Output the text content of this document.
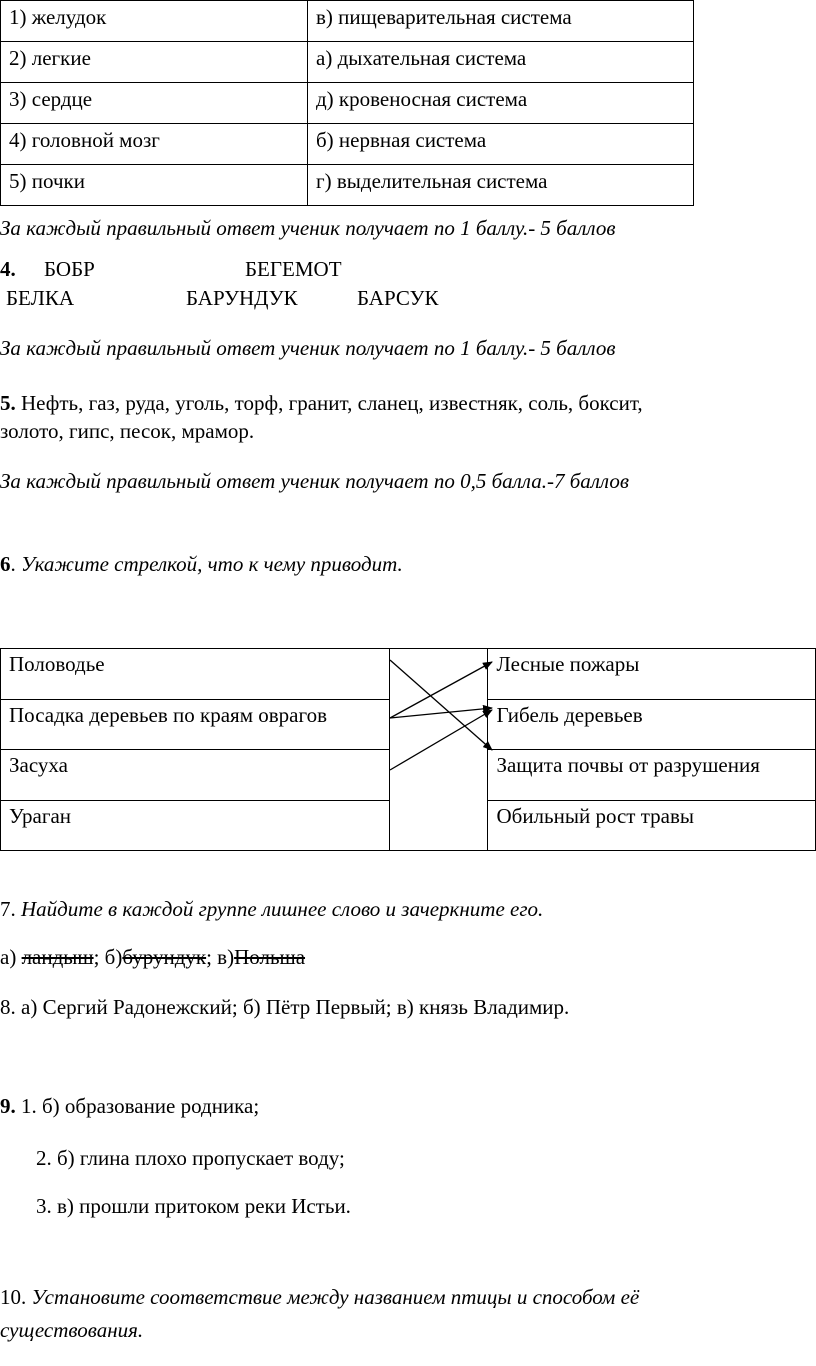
1) желудок	в) пищеварительная система
2) легкие	а) дыхательная система
3) сердце	д) кровеносная система
4) головной мозг	б) нервная система
5) почки	г) выделительная система
За каждый правильный ответ ученик получает по 1 баллу.- 5 баллов
4. БОБР	БЕГЕМОТ
БЕЛКА	БАРУНДУК	БАРСУК
За каждый правильный ответ ученик получает по 1 баллу.- 5 баллов
5. Нефть, газ, руда, уголь, торф, гранит, сланец, известняк, соль, боксит,
золото, гипс, песок, мрамор.
За каждый правильный ответ ученик получает по 0,5 балла.-7 баллов
6. Укажите стрелкой, что к чему приводит.
Половодье		Лесные пожары
Посадка деревьев по краям оврагов		Гибель деревьев
Засуха		Защита почвы от разрушения
Ураган		Обильный рост травы
7. Найдите в каждой группе лишнее слово и зачеркните его.
а) ландыш; б)бурундук; в)Польша
8. а) Сергий Радонежский; б) Пётр Первый; в) князь Владимир.
9. 1. б) образование родника;
2. б) глина плохо пропускает воду;
3. в) прошли притоком реки Истьи.
10. Установите соответствие между названием птицы и способом её
существования.
